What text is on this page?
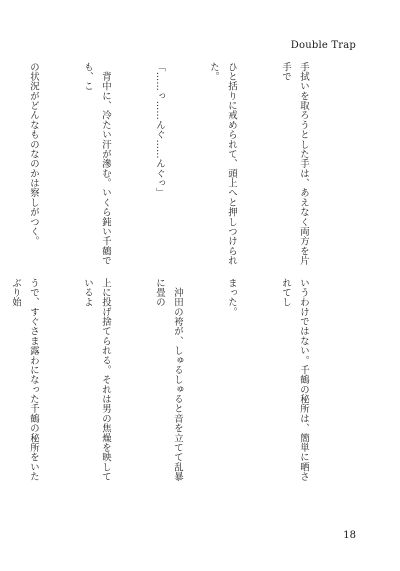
Double Trap

手拭いを取ろうとした手は、あえなく両方を片手で

ひと括りに戒められて、頭上へと押しつけられた。

「……っ……んぐ……んぐっ」

　背中に、冷たい汗が滲む。いくら鈍い千鶴でも、こ

の状況がどんなものなのかは察しがつく。

いうわけではない。千鶴の秘所は、簡単に晒されてし

まった。

　沖田の袴が、しゅるしゅると音を立てて乱暴に畳の

上に投げ捨てられる。それは男の焦燥を映しているよ

うで、すぐさま露わになった千鶴の秘所をいたぶり始

18
